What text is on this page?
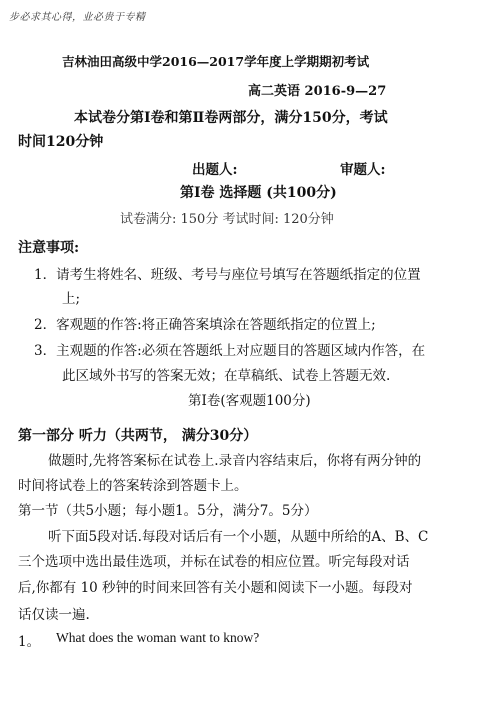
步必求其心得，业必贵于专精
吉林油田高级中学2016—2017学年度上学期期初考试
高二英语 2016-9—27
本试卷分第Ⅰ卷和第Ⅱ卷两部分，满分150分，考试
时间120分钟
出题人:	审题人:
第Ⅰ卷 选择题 (共100分)
试卷满分: 150分 考试时间: 120分钟
注意事项:
1．请考生将姓名、班级、考号与座位号填写在答题纸指定的位置
上;
2．客观题的作答:将正确答案填涂在答题纸指定的位置上;
3．主观题的作答:必须在答题纸上对应题目的答题区域内作答，在
此区域外书写的答案无效；在草稿纸、试卷上答题无效.
第Ⅰ卷(客观题100分)
第一部分 听力（共两节， 满分30分）
做题时,先将答案标在试卷上.录音内容结束后，你将有两分钟的
时间将试卷上的答案转涂到答题卡上。
第一节（共5小题；每小题1。5分，满分7。5分）
听下面5段对话.每段对话后有一个小题，从题中所给的A、B、C
三个选项中选出最佳选项，并标在试卷的相应位置。听完每段对话
后,你都有 10 秒钟的时间来回答有关小题和阅读下一小题。每段对
话仅读一遍.
1。 What does the woman want to know?
